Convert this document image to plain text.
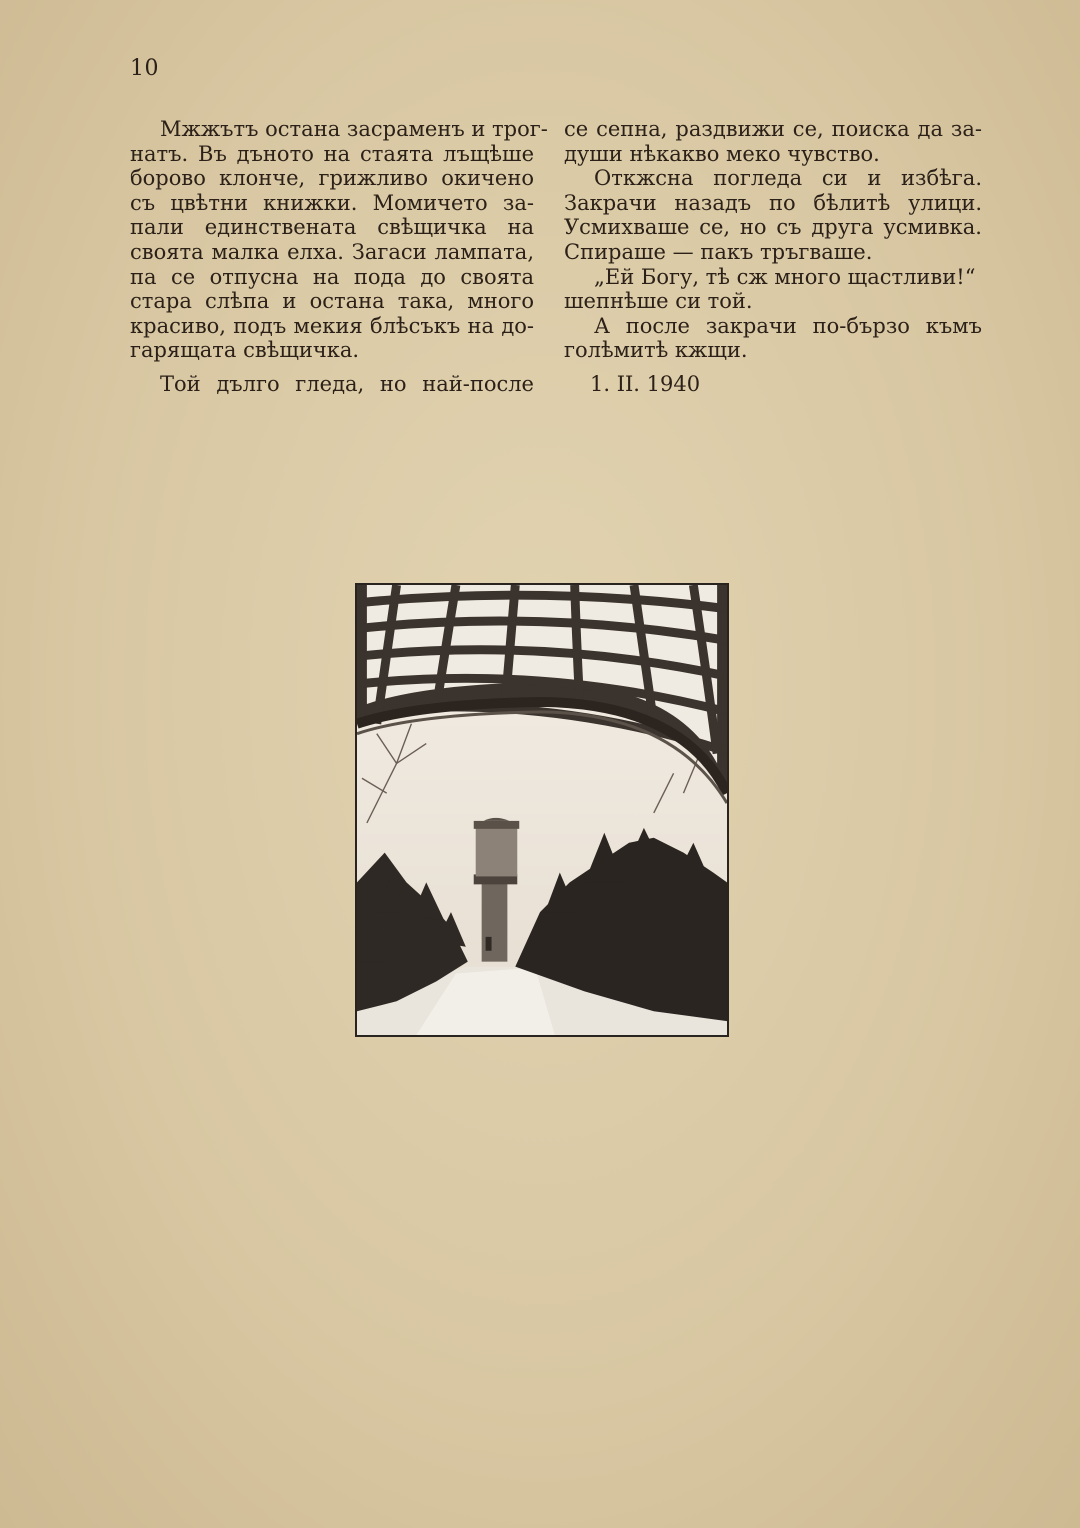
10
Мжжътъ остана засраменъ и трог-
натъ. Въ дъното на стаята лъщѣше
борово клонче, грижливо окичено
съ цвѣтни книжки. Момичето за-
пали единствената свѣщичка на
своята малка елха. Загаси лампата,
па се отпусна на пода до своята
стара слѣпа и остана така, много
красиво, подъ мекия блѣсъкъ на до-
гарящата свѣщичка.
Той дълго гледа, но най-после
се сепна, раздвижи се, поиска да за-
души нѣкакво меко чувство.
Откжсна погледа си и избѣга.
Закрачи назадъ по бѣлитѣ улици.
Усмихваше се, но съ друга усмивка.
Спираше — пакъ тръгваше.
„Ей Богу, тѣ сж много щастливи!“
шепнѣше си той.
А после закрачи по-бързо къмъ
голѣмитѣ кжщи.
1. II. 1940
